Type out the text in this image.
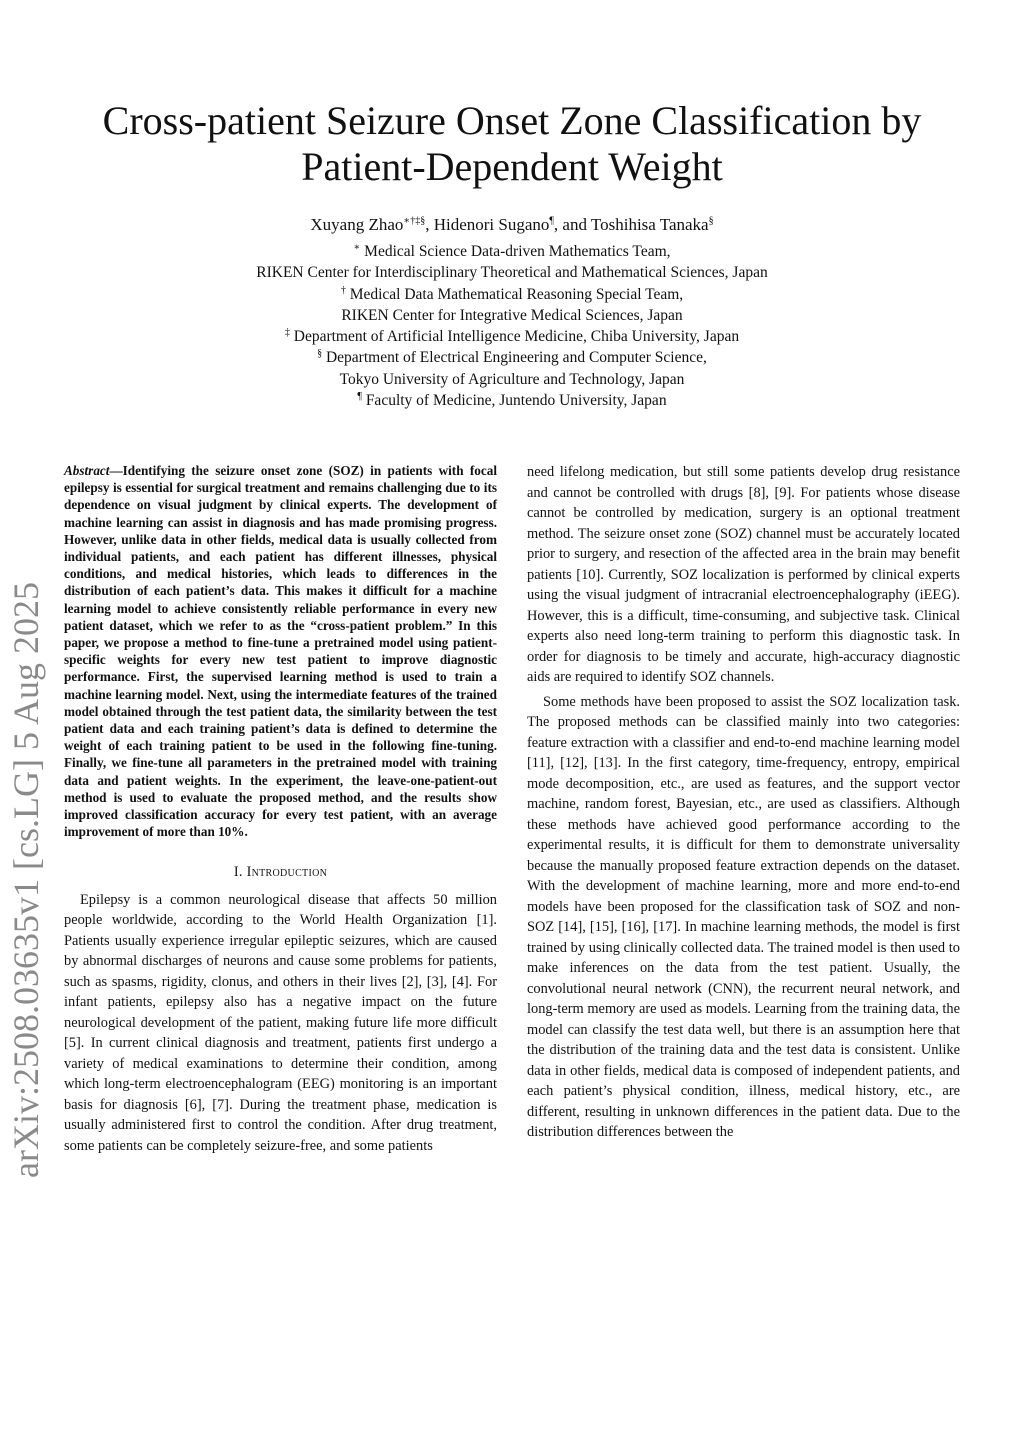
arXiv:2508.03635v1 [cs.LG] 5 Aug 2025
Cross-patient Seizure Onset Zone Classification by
Patient-Dependent Weight
Xuyang Zhao∗†‡§, Hidenori Sugano¶, and Toshihisa Tanaka§
∗ Medical Science Data-driven Mathematics Team,
RIKEN Center for Interdisciplinary Theoretical and Mathematical Sciences, Japan
† Medical Data Mathematical Reasoning Special Team,
RIKEN Center for Integrative Medical Sciences, Japan
‡ Department of Artificial Intelligence Medicine, Chiba University, Japan
§ Department of Electrical Engineering and Computer Science,
Tokyo University of Agriculture and Technology, Japan
¶ Faculty of Medicine, Juntendo University, Japan

Abstract—Identifying the seizure onset zone (SOZ) in patients with focal epilepsy is essential for surgical treatment and remains challenging due to its dependence on visual judgment by clinical experts. The development of machine learning can assist in diagnosis and has made promising progress. However, unlike data in other fields, medical data is usually collected from individual patients, and each patient has different illnesses, physical conditions, and medical histories, which leads to differences in the distribution of each patient’s data. This makes it difficult for a machine learning model to achieve consistently reliable performance in every new patient dataset, which we refer to as the “cross-patient problem.” In this paper, we propose a method to fine-tune a pretrained model using patient-specific weights for every new test patient to improve diagnostic performance. First, the supervised learning method is used to train a machine learning model. Next, using the intermediate features of the trained model obtained through the test patient data, the similarity between the test patient data and each training patient’s data is defined to determine the weight of each training patient to be used in the following fine-tuning. Finally, we fine-tune all parameters in the pretrained model with training data and patient weights. In the experiment, the leave-one-patient-out method is used to evaluate the proposed method, and the results show improved classification accuracy for every test patient, with an average improvement of more than 10%.

I. Introduction

Epilepsy is a common neurological disease that affects 50 million people worldwide, according to the World Health Organization [1]. Patients usually experience irregular epileptic seizures, which are caused by abnormal discharges of neurons and cause some problems for patients, such as spasms, rigidity, clonus, and others in their lives [2], [3], [4]. For infant patients, epilepsy also has a negative impact on the future neurological development of the patient, making future life more difficult [5]. In current clinical diagnosis and treatment, patients first undergo a variety of medical examinations to determine their condition, among which long-term electroencephalogram (EEG) monitoring is an important basis for diagnosis [6], [7]. During the treatment phase, medication is usually administered first to control the condition. After drug treatment, some patients can be completely seizure-free, and some patients

need lifelong medication, but still some patients develop drug resistance and cannot be controlled with drugs [8], [9]. For patients whose disease cannot be controlled by medication, surgery is an optional treatment method. The seizure onset zone (SOZ) channel must be accurately located prior to surgery, and resection of the affected area in the brain may benefit patients [10]. Currently, SOZ localization is performed by clinical experts using the visual judgment of intracranial electroencephalography (iEEG). However, this is a difficult, time-consuming, and subjective task. Clinical experts also need long-term training to perform this diagnostic task. In order for diagnosis to be timely and accurate, high-accuracy diagnostic aids are required to identify SOZ channels.

Some methods have been proposed to assist the SOZ localization task. The proposed methods can be classified mainly into two categories: feature extraction with a classifier and end-to-end machine learning model [11], [12], [13]. In the first category, time-frequency, entropy, empirical mode decomposition, etc., are used as features, and the support vector machine, random forest, Bayesian, etc., are used as classifiers. Although these methods have achieved good performance according to the experimental results, it is difficult for them to demonstrate universality because the manually proposed feature extraction depends on the dataset. With the development of machine learning, more and more end-to-end models have been proposed for the classification task of SOZ and non-SOZ [14], [15], [16], [17]. In machine learning methods, the model is first trained by using clinically collected data. The trained model is then used to make inferences on the data from the test patient. Usually, the convolutional neural network (CNN), the recurrent neural network, and long-term memory are used as models. Learning from the training data, the model can classify the test data well, but there is an assumption here that the distribution of the training data and the test data is consistent. Unlike data in other fields, medical data is composed of independent patients, and each patient’s physical condition, illness, medical history, etc., are different, resulting in unknown differences in the patient data. Due to the distribution differences between the
